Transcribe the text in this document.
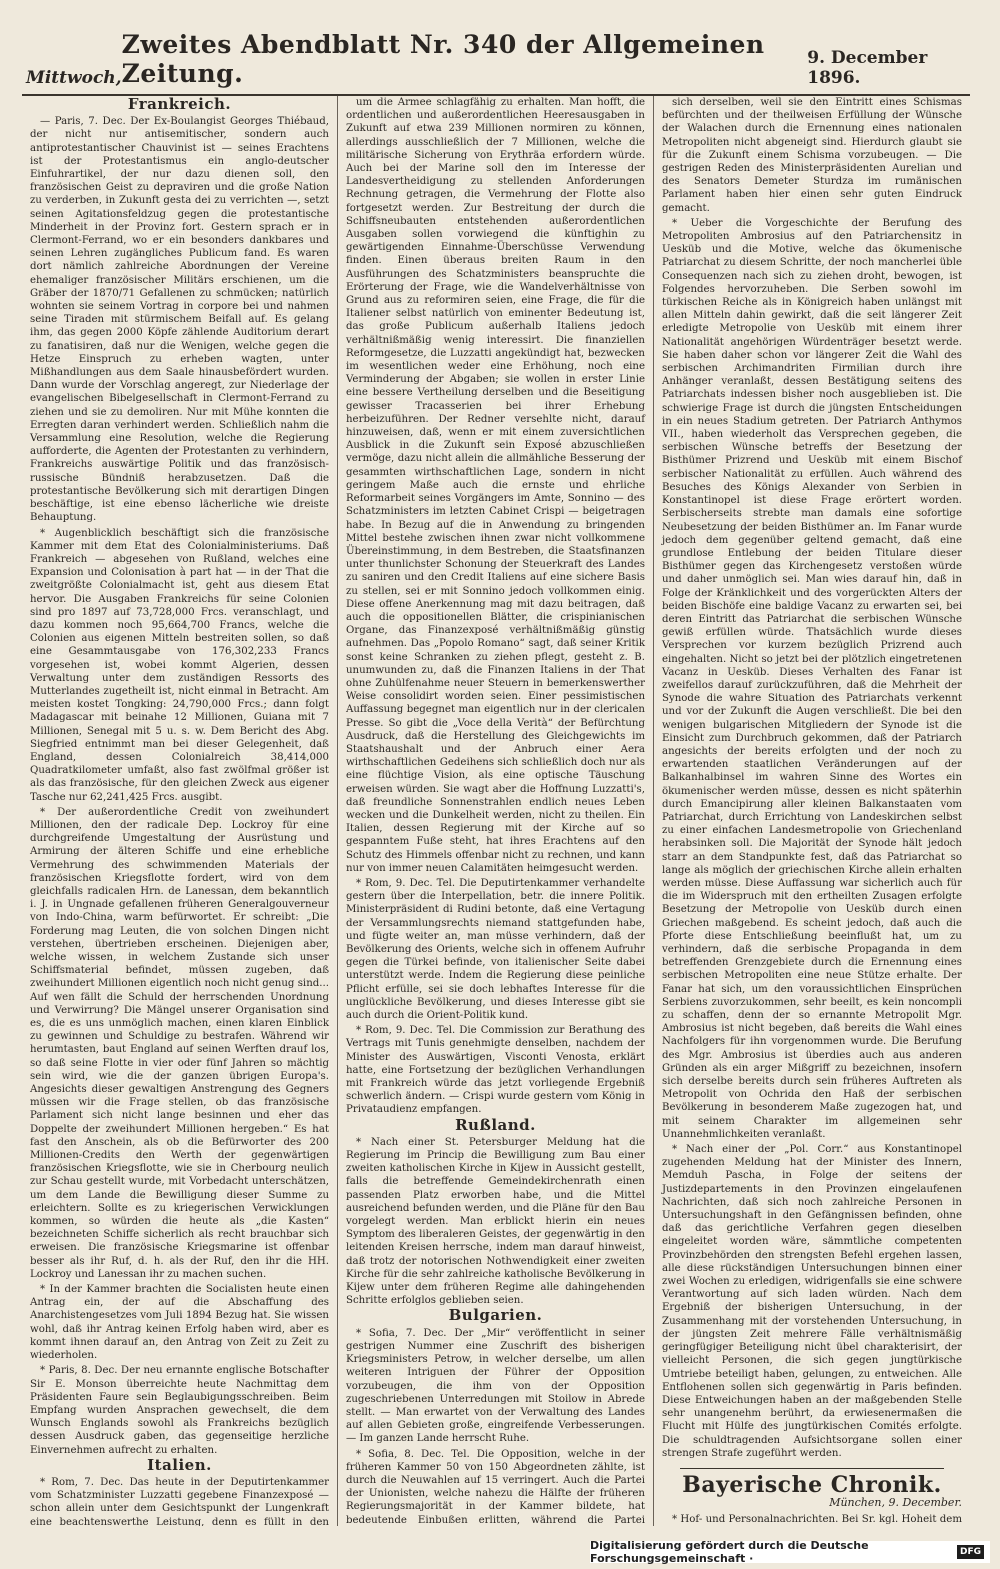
Mittwoch,
Zweites Abendblatt Nr. 340 der Allgemeinen Zeitung.
9. December 1896.
Frankreich.

— Paris, 7. Dec. Der Ex-Boulangist Georges Thiébaud, der nicht nur antisemitischer, sondern auch antiprotestantischer Chauvinist ist — seines Erachtens ist der Protestantismus ein anglo-deutscher Einfuhrartikel, der nur dazu dienen soll, den französischen Geist zu depraviren und die große Nation zu verderben, in Zukunft gesta dei zu verrichten —, setzt seinen Agitationsfeldzug gegen die protestantische Minderheit in der Provinz fort. Gestern sprach er in Clermont-Ferrand, wo er ein besonders dankbares und seinen Lehren zugängliches Publicum fand. Es waren dort nämlich zahlreiche Abordnungen der Vereine ehemaliger französischer Militärs erschienen, um die Gräber der 1870/71 Gefallenen zu schmücken; natürlich wohnten sie seinem Vortrag in corpore bei und nahmen seine Tiraden mit stürmischem Beifall auf. Es gelang ihm, das gegen 2000 Köpfe zählende Auditorium derart zu fanatisiren, daß nur die Wenigen, welche gegen die Hetze Einspruch zu erheben wagten, unter Mißhandlungen aus dem Saale hinausbefördert wurden. Dann wurde der Vorschlag angeregt, zur Niederlage der evangelischen Bibelgesellschaft in Clermont-Ferrand zu ziehen und sie zu demoliren. Nur mit Mühe konnten die Erregten daran verhindert werden. Schließlich nahm die Versammlung eine Resolution, welche die Regierung aufforderte, die Agenten der Protestanten zu verhindern, Frankreichs auswärtige Politik und das französisch-russische Bündniß herabzusetzen. Daß die protestantische Bevölkerung sich mit derartigen Dingen beschäftige, ist eine ebenso lächerliche wie dreiste Behauptung.

* Augenblicklich beschäftigt sich die französische Kammer mit dem Etat des Colonialministeriums. Daß Frankreich — abgesehen von Rußland, welches eine Expansion und Colonisation à part hat — in der That die zweitgrößte Colonialmacht ist, geht aus diesem Etat hervor. Die Ausgaben Frankreichs für seine Colonien sind pro 1897 auf 73,728,000 Frcs. veranschlagt, und dazu kommen noch 95,664,700 Francs, welche die Colonien aus eigenen Mitteln bestreiten sollen, so daß eine Gesammtausgabe von 176,302,233 Francs vorgesehen ist, wobei kommt Algerien, dessen Verwaltung unter dem zuständigen Ressorts des Mutterlandes zugetheilt ist, nicht einmal in Betracht. Am meisten kostet Tongking: 24,790,000 Frcs.; dann folgt Madagascar mit beinahe 12 Millionen, Guiana mit 7 Millionen, Senegal mit 5 u. s. w. Dem Bericht des Abg. Siegfried entnimmt man bei dieser Gelegenheit, daß England, dessen Colonialreich 38,414,000 Quadratkilometer umfaßt, also fast zwölfmal größer ist als das französische, für den gleichen Zweck aus eigener Tasche nur 62,241,425 Frcs. ausgibt.

* Der außerordentliche Credit von zweihundert Millionen, den der radicale Dep. Lockroy für eine durchgreifende Umgestaltung der Ausrüstung und Armirung der älteren Schiffe und eine erhebliche Vermehrung des schwimmenden Materials der französischen Kriegsflotte fordert, wird von dem gleichfalls radicalen Hrn. de Lanessan, dem bekanntlich i. J. in Ungnade gefallenen früheren Generalgouverneur von Indo-China, warm befürwortet. Er schreibt: „Die Forderung mag Leuten, die von solchen Dingen nicht verstehen, übertrieben erscheinen. Diejenigen aber, welche wissen, in welchem Zustande sich unser Schiffsmaterial befindet, müssen zugeben, daß zweihundert Millionen eigentlich noch nicht genug sind... Auf wen fällt die Schuld der herrschenden Unordnung und Verwirrung? Die Mängel unserer Organisation sind es, die es uns unmöglich machen, einen klaren Einblick zu gewinnen und Schuldige zu bestrafen. Während wir herumtasten, baut England auf seinen Werften drauf los, so daß seine Flotte in vier oder fünf Jahren so mächtig sein wird, wie die der ganzen übrigen Europa's. Angesichts dieser gewaltigen Anstrengung des Gegners müssen wir die Frage stellen, ob das französische Parlament sich nicht lange besinnen und eher das Doppelte der zweihundert Millionen hergeben.“ Es hat fast den Anschein, als ob die Befürworter des 200 Millionen-Credits den Werth der gegenwärtigen französischen Kriegsflotte, wie sie in Cherbourg neulich zur Schau gestellt wurde, mit Vorbedacht unterschätzen, um dem Lande die Bewilligung dieser Summe zu erleichtern. Sollte es zu kriegerischen Verwicklungen kommen, so würden die heute als „die Kasten“ bezeichneten Schiffe sicherlich als recht brauchbar sich erweisen. Die französische Kriegsmarine ist offenbar besser als ihr Ruf, d. h. als der Ruf, den ihr die HH. Lockroy und Lanessan ihr zu machen suchen.

* In der Kammer brachten die Socialisten heute einen Antrag ein, der auf die Abschaffung des Anarchistengesetzes vom Juli 1894 Bezug hat. Sie wissen wohl, daß ihr Antrag keinen Erfolg haben wird, aber es kommt ihnen darauf an, den Antrag von Zeit zu Zeit zu wiederholen.

* Paris, 8. Dec. Der neu ernannte englische Botschafter Sir E. Monson überreichte heute Nachmittag dem Präsidenten Faure sein Beglaubigungsschreiben. Beim Empfang wurden Ansprachen gewechselt, die dem Wunsch Englands sowohl als Frankreichs bezüglich dessen Ausdruck gaben, das gegenseitige herzliche Einvernehmen aufrecht zu erhalten.

Italien.

* Rom, 7. Dec. Das heute in der Deputirtenkammer vom Schatzminister Luzzatti gegebene Finanzexposé — schon allein unter dem Gesichtspunkt der Lungenkraft eine beachtenswerthe Leistung, denn es füllt in den

um die Armee schlagfähig zu erhalten. Man hofft, die ordentlichen und außerordentlichen Heeresausgaben in Zukunft auf etwa 239 Millionen normiren zu können, allerdings ausschließlich der 7 Millionen, welche die militärische Sicherung von Erythräa erfordern würde. Auch bei der Marine soll den im Interesse der Landesvertheidigung zu stellenden Anforderungen Rechnung getragen, die Vermehrung der Flotte also fortgesetzt werden. Zur Bestreitung der durch die Schiffsneubauten entstehenden außerordentlichen Ausgaben sollen vorwiegend die künftighin zu gewärtigenden Einnahme-Überschüsse Verwendung finden. Einen überaus breiten Raum in den Ausführungen des Schatzministers beanspruchte die Erörterung der Frage, wie die Wandelverhältnisse von Grund aus zu reformiren seien, eine Frage, die für die Italiener selbst natürlich von eminenter Bedeutung ist, das große Publicum außerhalb Italiens jedoch verhältnißmäßig wenig interessirt. Die finanziellen Reformgesetze, die Luzzatti angekündigt hat, bezwecken im wesentlichen weder eine Erhöhung, noch eine Verminderung der Abgaben; sie wollen in erster Linie eine bessere Vertheilung derselben und die Beseitigung gewisser Tracasserien bei ihrer Erhebung herbeizuführen. Der Redner versehlte nicht, darauf hinzuweisen, daß, wenn er mit einem zuversichtlichen Ausblick in die Zukunft sein Exposé abzuschließen vermöge, dazu nicht allein die allmähliche Besserung der gesammten wirthschaftlichen Lage, sondern in nicht geringem Maße auch die ernste und ehrliche Reformarbeit seines Vorgängers im Amte, Sonnino — des Schatzministers im letzten Cabinet Crispi — beigetragen habe. In Bezug auf die in Anwendung zu bringenden Mittel bestehe zwischen ihnen zwar nicht vollkommene Übereinstimmung, in dem Bestreben, die Staatsfinanzen unter thunlichster Schonung der Steuerkraft des Landes zu saniren und den Credit Italiens auf eine sichere Basis zu stellen, sei er mit Sonnino jedoch vollkommen einig. Diese offene Anerkennung mag mit dazu beitragen, daß auch die oppositionellen Blätter, die crispinianischen Organe, das Finanzexposé verhältnißmäßig günstig aufnehmen. Das „Popolo Romano“ sagt, daß seiner Kritik sonst keine Schranken zu ziehen pflegt, gesteht z. B. unumwunden zu, daß die Finanzen Italiens in der That ohne Zuhülfenahme neuer Steuern in bemerkenswerther Weise consolidirt worden seien. Einer pessimistischen Auffassung begegnet man eigentlich nur in der clericalen Presse. So gibt die „Voce della Verità“ der Befürchtung Ausdruck, daß die Herstellung des Gleichgewichts im Staatshaushalt und der Anbruch einer Aera wirthschaftlichen Gedeihens sich schließlich doch nur als eine flüchtige Vision, als eine optische Täuschung erweisen würden. Sie wagt aber die Hoffnung Luzzatti's, daß freundliche Sonnenstrahlen endlich neues Leben wecken und die Dunkelheit werden, nicht zu theilen. Ein Italien, dessen Regierung mit der Kirche auf so gespanntem Fuße steht, hat ihres Erachtens auf den Schutz des Himmels offenbar nicht zu rechnen, und kann nur von immer neuen Calamitäten heimgesucht werden.

* Rom, 9. Dec. Tel. Die Deputirtenkammer verhandelte gestern über die Interpellation, betr. die innere Politik. Ministerpräsident di Rudini betonte, daß eine Vertagung der Versammlungsrechts niemand stattgefunden habe, und fügte weiter an, man müsse verhindern, daß der Bevölkerung des Orients, welche sich in offenem Aufruhr gegen die Türkei befinde, von italienischer Seite dabei unterstützt werde. Indem die Regierung diese peinliche Pflicht erfülle, sei sie doch lebhaftes Interesse für die unglückliche Bevölkerung, und dieses Interesse gibt sie auch durch die Orient-Politik kund.

* Rom, 9. Dec. Tel. Die Commission zur Berathung des Vertrags mit Tunis genehmigte denselben, nachdem der Minister des Auswärtigen, Visconti Venosta, erklärt hatte, eine Fortsetzung der bezüglichen Verhandlungen mit Frankreich würde das jetzt vorliegende Ergebniß schwerlich ändern. — Crispi wurde gestern vom König in Privataudienz empfangen.

Rußland.

* Nach einer St. Petersburger Meldung hat die Regierung im Princip die Bewilligung zum Bau einer zweiten katholischen Kirche in Kijew in Aussicht gestellt, falls die betreffende Gemeindekirchenrath einen passenden Platz erworben habe, und die Mittel ausreichend befunden werden, und die Pläne für den Bau vorgelegt werden. Man erblickt hierin ein neues Symptom des liberaleren Geistes, der gegenwärtig in den leitenden Kreisen herrsche, indem man darauf hinweist, daß trotz der notorischen Nothwendigkeit einer zweiten Kirche für die sehr zahlreiche katholische Bevölkerung in Kijew unter dem früheren Regime alle dahingehenden Schritte erfolglos geblieben seien.

Bulgarien.

* Sofia, 7. Dec. Der „Mir“ veröffentlicht in seiner gestrigen Nummer eine Zuschrift des bisherigen Kriegsministers Petrow, in welcher derselbe, um allen weiteren Intriguen der Führer der Opposition vorzubeugen, die ihm von der Opposition zugeschriebenen Unterredungen mit Stoilow in Abrede stellt. — Man erwartet von der Verwaltung des Landes auf allen Gebieten große, eingreifende Verbesserungen. — Im ganzen Lande herrscht Ruhe.

* Sofia, 8. Dec. Tel. Die Opposition, welche in der früheren Kammer 50 von 150 Abgeordneten zählte, ist durch die Neuwahlen auf 15 verringert. Auch die Partei der Unionisten, welche nahezu die Hälfte der früheren Regierungsmajorität in der Kammer bildete, hat bedeutende Einbußen erlitten, während die Partei

sich derselben, weil sie den Eintritt eines Schismas befürchten und der theilweisen Erfüllung der Wünsche der Walachen durch die Ernennung eines nationalen Metropoliten nicht abgeneigt sind. Hierdurch glaubt sie für die Zukunft einem Schisma vorzubeugen. — Die gestrigen Reden des Ministerpräsidenten Aurelian und des Senators Demeter Sturdza im rumänischen Parlament haben hier einen sehr guten Eindruck gemacht.

* Ueber die Vorgeschichte der Berufung des Metropoliten Ambrosius auf den Patriarchensitz in Uesküb und die Motive, welche das ökumenische Patriarchat zu diesem Schritte, der noch mancherlei üble Consequenzen nach sich zu ziehen droht, bewogen, ist Folgendes hervorzuheben. Die Serben sowohl im türkischen Reiche als in Königreich haben unlängst mit allen Mitteln dahin gewirkt, daß die seit längerer Zeit erledigte Metropolie von Uesküb mit einem ihrer Nationalität angehörigen Würdenträger besetzt werde. Sie haben daher schon vor längerer Zeit die Wahl des serbischen Archimandriten Firmilian durch ihre Anhänger veranlaßt, dessen Bestätigung seitens des Patriarchats indessen bisher noch ausgeblieben ist. Die schwierige Frage ist durch die jüngsten Entscheidungen in ein neues Stadium getreten. Der Patriarch Anthymos VII., haben wiederholt das Versprechen gegeben, die serbischen Wünsche betreffs der Besetzung der Bisthümer Prizrend und Uesküb mit einem Bischof serbischer Nationalität zu erfüllen. Auch während des Besuches des Königs Alexander von Serbien in Konstantinopel ist diese Frage erörtert worden. Serbischerseits strebte man damals eine sofortige Neubesetzung der beiden Bisthümer an. Im Fanar wurde jedoch dem gegenüber geltend gemacht, daß eine grundlose Entlebung der beiden Titulare dieser Bisthümer gegen das Kirchengesetz verstoßen würde und daher unmöglich sei. Man wies darauf hin, daß in Folge der Kränklichkeit und des vorgerückten Alters der beiden Bischöfe eine baldige Vacanz zu erwarten sei, bei deren Eintritt das Patriarchat die serbischen Wünsche gewiß erfüllen würde. Thatsächlich wurde dieses Versprechen vor kurzem bezüglich Prizrend auch eingehalten. Nicht so jetzt bei der plötzlich eingetretenen Vacanz in Uesküb. Dieses Verhalten des Fanar ist zweifellos darauf zurückzuführen, daß die Mehrheit der Synode die wahre Situation des Patriarchats verkennt und vor der Zukunft die Augen verschließt. Die bei den wenigen bulgarischen Mitgliedern der Synode ist die Einsicht zum Durchbruch gekommen, daß der Patriarch angesichts der bereits erfolgten und der noch zu erwartenden staatlichen Veränderungen auf der Balkanhalbinsel im wahren Sinne des Wortes ein ökumenischer werden müsse, dessen es nicht späterhin durch Emancipirung aller kleinen Balkanstaaten vom Patriarchat, durch Errichtung von Landeskirchen selbst zu einer einfachen Landesmetropolie von Griechenland herabsinken soll. Die Majorität der Synode hält jedoch starr an dem Standpunkte fest, daß das Patriarchat so lange als möglich der griechischen Kirche allein erhalten werden müsse. Diese Auffassung war sicherlich auch für die im Widerspruch mit den ertheilten Zusagen erfolgte Besetzung der Metropolie von Uesküb durch einen Griechen maßgebend. Es scheint jedoch, daß auch die Pforte diese Entschließung beeinflußt hat, um zu verhindern, daß die serbische Propaganda in dem betreffenden Grenzgebiete durch die Ernennung eines serbischen Metropoliten eine neue Stütze erhalte. Der Fanar hat sich, um den voraussichtlichen Einsprüchen Serbiens zuvorzukommen, sehr beeilt, es kein noncompli zu schaffen, denn der so ernannte Metropolit Mgr. Ambrosius ist nicht begeben, daß bereits die Wahl eines Nachfolgers für ihn vorgenommen wurde. Die Berufung des Mgr. Ambrosius ist überdies auch aus anderen Gründen als ein arger Mißgriff zu bezeichnen, insofern sich derselbe bereits durch sein früheres Auftreten als Metropolit von Ochrida den Haß der serbischen Bevölkerung in besonderem Maße zugezogen hat, und mit seinem Charakter im allgemeinen sehr Unannehmlichkeiten veranlaßt.

* Nach einer der „Pol. Corr.“ aus Konstantinopel zugehenden Meldung hat der Minister des Innern, Memduh Pascha, in Folge der seitens der Justizdepartements in den Provinzen eingelaufenen Nachrichten, daß sich noch zahlreiche Personen in Untersuchungshaft in den Gefängnissen befinden, ohne daß das gerichtliche Verfahren gegen dieselben eingeleitet worden wäre, sämmtliche competenten Provinzbehörden den strengsten Befehl ergehen lassen, alle diese rückständigen Untersuchungen binnen einer zwei Wochen zu erledigen, widrigenfalls sie eine schwere Verantwortung auf sich laden würden. Nach dem Ergebniß der bisherigen Untersuchung, in der Zusammenhang mit der vorstehenden Untersuchung, in der jüngsten Zeit mehrere Fälle verhältnismäßig geringfügiger Beteiligung nicht übel charakterisirt, der vielleicht Personen, die sich gegen jungtürkische Umtriebe beteiligt haben, gelungen, zu entweichen. Alle Entflohenen sollen sich gegenwärtig in Paris befinden. Diese Entweichungen haben an der maßgebenden Stelle sehr unangenehm berührt, da erwiesenermaßen die Flucht mit Hülfe des jungtürkischen Comités erfolgte. Die schuldtragenden Aufsichtsorgane sollen einer strengen Strafe zugeführt werden.

Bayerische Chronik.
München, 9. December.

* Hof- und Personalnachrichten. Bei Sr. kgl. Hoheit dem

Digitalisierung gefördert durch die Deutsche Forschungsgemeinschaft ·	DFG
